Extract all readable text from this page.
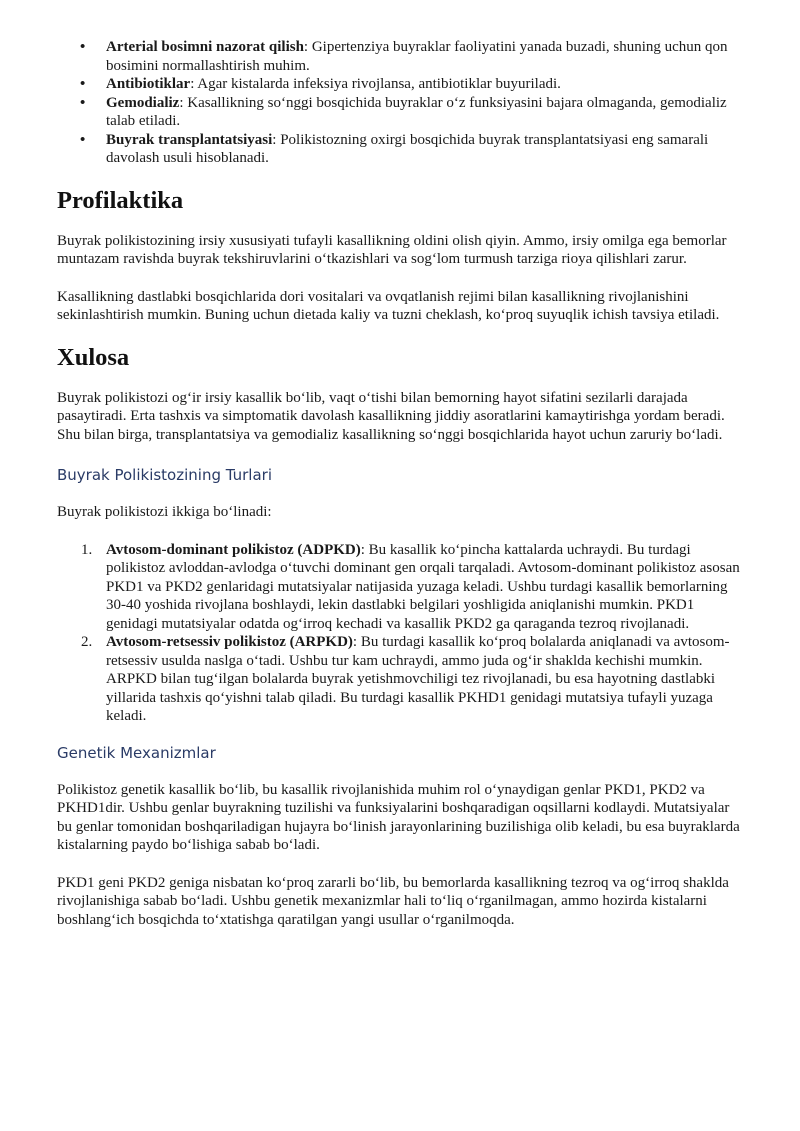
• Arterial bosimni nazorat qilish: Gipertenziya buyraklar faoliyatini yanada buzadi, shuning uchun qon bosimini normallashtirish muhim.
• Antibiotiklar: Agar kistalarda infeksiya rivojlansa, antibiotiklar buyuriladi.
• Gemodializ: Kasallikning so‘nggi bosqichida buyraklar o‘z funksiyasini bajara olmaganda, gemodializ talab etiladi.
• Buyrak transplantatsiyasi: Polikistozning oxirgi bosqichida buyrak transplantatsiyasi eng samarali davolash usuli hisoblanadi.
Profilaktika

Buyrak polikistozining irsiy xususiyati tufayli kasallikning oldini olish qiyin. Ammo, irsiy omilga ega bemorlar muntazam ravishda buyrak tekshiruvlarini o‘tkazishlari va sog‘lom turmush tarziga rioya qilishlari zarur.

Kasallikning dastlabki bosqichlarida dori vositalari va ovqatlanish rejimi bilan kasallikning rivojlanishini sekinlashtirish mumkin. Buning uchun dietada kaliy va tuzni cheklash, ko‘proq suyuqlik ichish tavsiya etiladi.

Xulosa

Buyrak polikistozi og‘ir irsiy kasallik bo‘lib, vaqt o‘tishi bilan bemorning hayot sifatini sezilarli darajada pasaytiradi. Erta tashxis va simptomatik davolash kasallikning jiddiy asoratlarini kamaytirishga yordam beradi. Shu bilan birga, transplantatsiya va gemodializ kasallikning so‘nggi bosqichlarida hayot uchun zaruriy bo‘ladi.

Buyrak Polikistozining Turlari

Buyrak polikistozi ikkiga bo‘linadi:

1. Avtosom-dominant polikistoz (ADPKD): Bu kasallik ko‘pincha kattalarda uchraydi. Bu turdagi polikistoz avloddan-avlodga o‘tuvchi dominant gen orqali tarqaladi. Avtosom-dominant polikistoz asosan PKD1 va PKD2 genlaridagi mutatsiyalar natijasida yuzaga keladi. Ushbu turdagi kasallik bemorlarning 30-40 yoshida rivojlana boshlaydi, lekin dastlabki belgilari yoshligida aniqlanishi mumkin. PKD1 genidagi mutatsiyalar odatda og‘irroq kechadi va kasallik PKD2 ga qaraganda tezroq rivojlanadi.
2. Avtosom-retsessiv polikistoz (ARPKD): Bu turdagi kasallik ko‘proq bolalarda aniqlanadi va avtosom-retsessiv usulda naslga o‘tadi. Ushbu tur kam uchraydi, ammo juda og‘ir shaklda kechishi mumkin. ARPKD bilan tug‘ilgan bolalarda buyrak yetishmovchiligi tez rivojlanadi, bu esa hayotning dastlabki yillarida tashxis qo‘yishni talab qiladi. Bu turdagi kasallik PKHD1 genidagi mutatsiya tufayli yuzaga keladi.
Genetik Mexanizmlar

Polikistoz genetik kasallik bo‘lib, bu kasallik rivojlanishida muhim rol o‘ynaydigan genlar PKD1, PKD2 va PKHD1dir. Ushbu genlar buyrakning tuzilishi va funksiyalarini boshqaradigan oqsillarni kodlaydi. Mutatsiyalar bu genlar tomonidan boshqariladigan hujayra bo‘linish jarayonlarining buzilishiga olib keladi, bu esa buyraklarda kistalarning paydo bo‘lishiga sabab bo‘ladi.

PKD1 geni PKD2 geniga nisbatan ko‘proq zararli bo‘lib, bu bemorlarda kasallikning tezroq va og‘irroq shaklda rivojlanishiga sabab bo‘ladi. Ushbu genetik mexanizmlar hali to‘liq o‘rganilmagan, ammo hozirda kistalarni boshlang‘ich bosqichda to‘xtatishga qaratilgan yangi usullar o‘rganilmoqda.
